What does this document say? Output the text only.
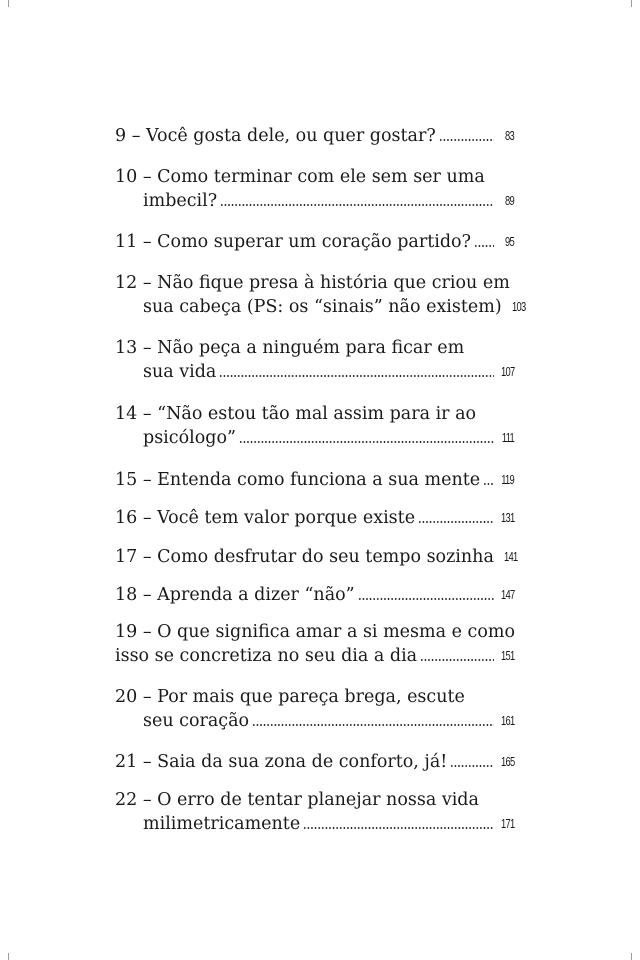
9 – Você gosta dele, ou quer gostar?	83
10 – Como terminar com ele sem ser uma
imbecil?	89
11 – Como superar um coração partido?	95
12 – Não fique presa à história que criou em
sua cabeça (PS: os “sinais” não existem) 103
13 – Não peça a ninguém para ficar em
sua vida	107
14 – “Não estou tão mal assim para ir ao
psicólogo”	111
15 – Entenda como funciona a sua mente 119
16 – Você tem valor porque existe	131
17 – Como desfrutar do seu tempo sozinha 141
18 – Aprenda a dizer “não”	147
19 – O que significa amar a si mesma e como
isso se concretiza no seu dia a dia	151
20 – Por mais que pareça brega, escute
seu coração	161
21 – Saia da sua zona de conforto, já!	165
22 – O erro de tentar planejar nossa vida
milimetricamente	171
